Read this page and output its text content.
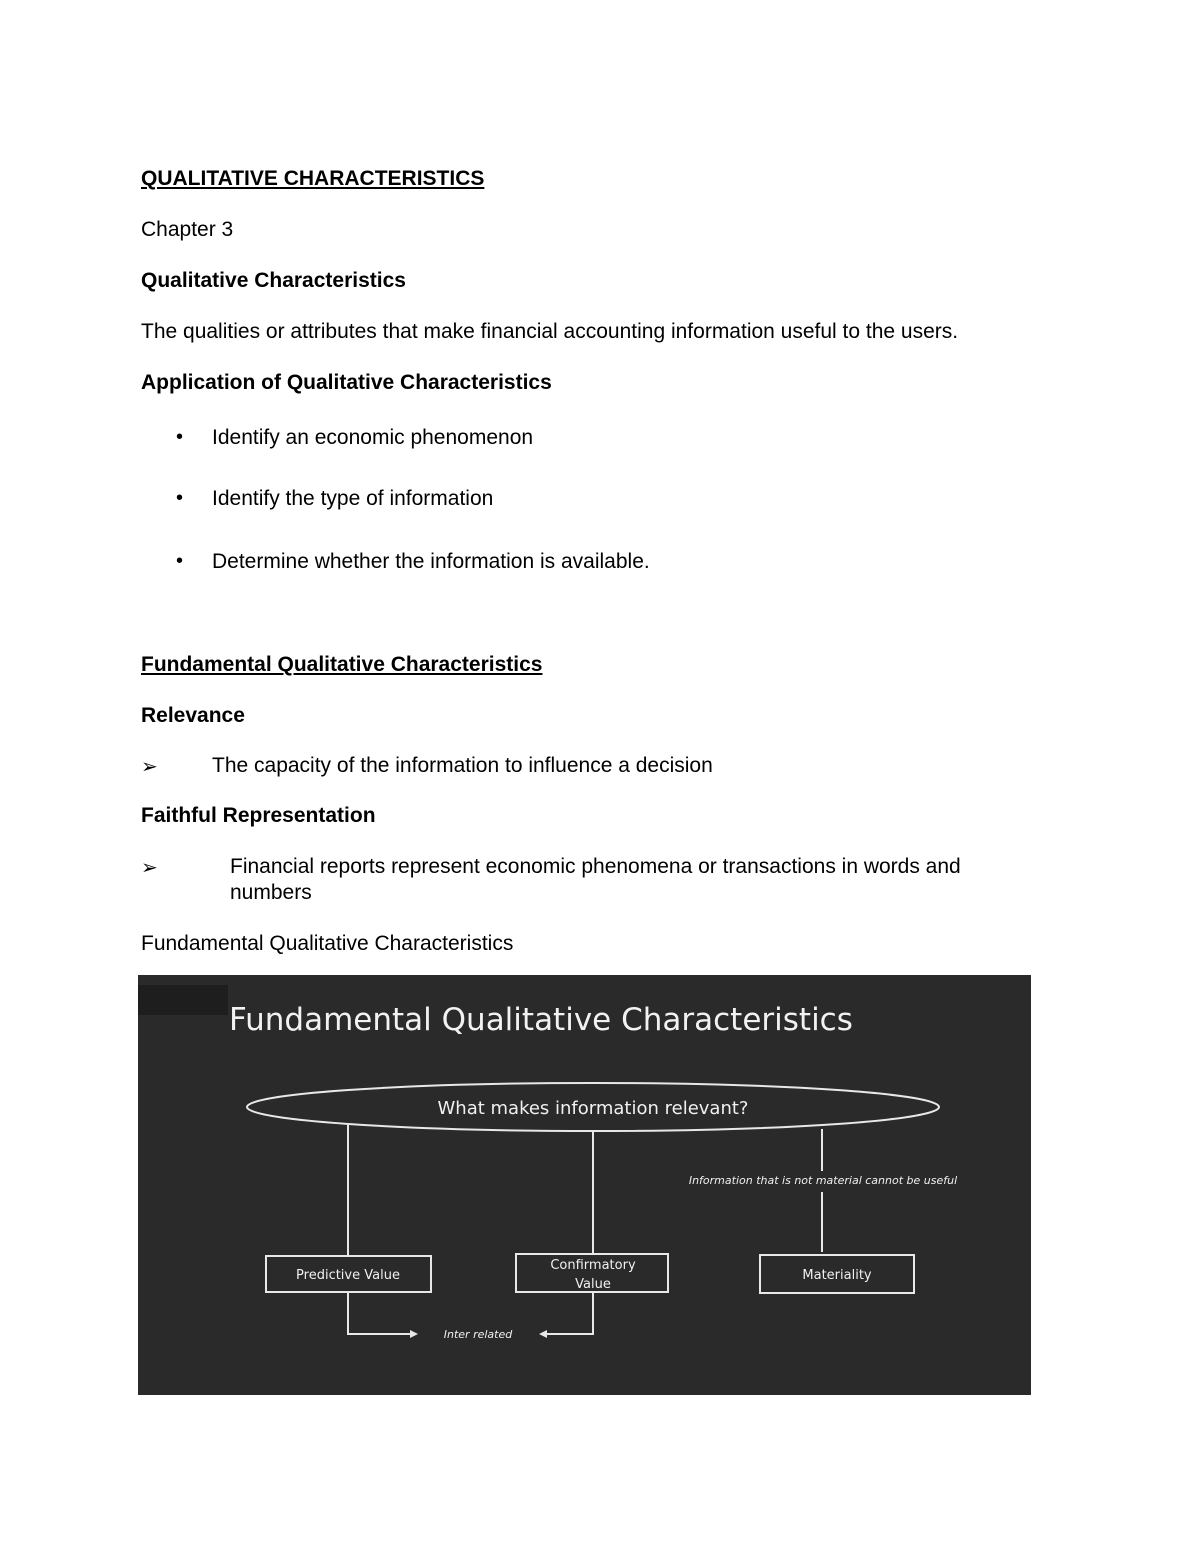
QUALITATIVE CHARACTERISTICS
Chapter 3
Qualitative Characteristics
The qualities or attributes that make financial accounting information useful to the users.
Application of Qualitative Characteristics
• Identify an economic phenomenon
• Identify the type of information
• Determine whether the information is available.
Fundamental Qualitative Characteristics
Relevance
➢	The capacity of the information to influence a decision
Faithful Representation
➢	Financial reports represent economic phenomena or transactions in words and
numbers
Fundamental Qualitative Characteristics
Fundamental Qualitative Characteristics
What makes information relevant?
Information that is not material cannot be useful
Predictive Value
Confirmatory
Value
Materiality
Inter related
